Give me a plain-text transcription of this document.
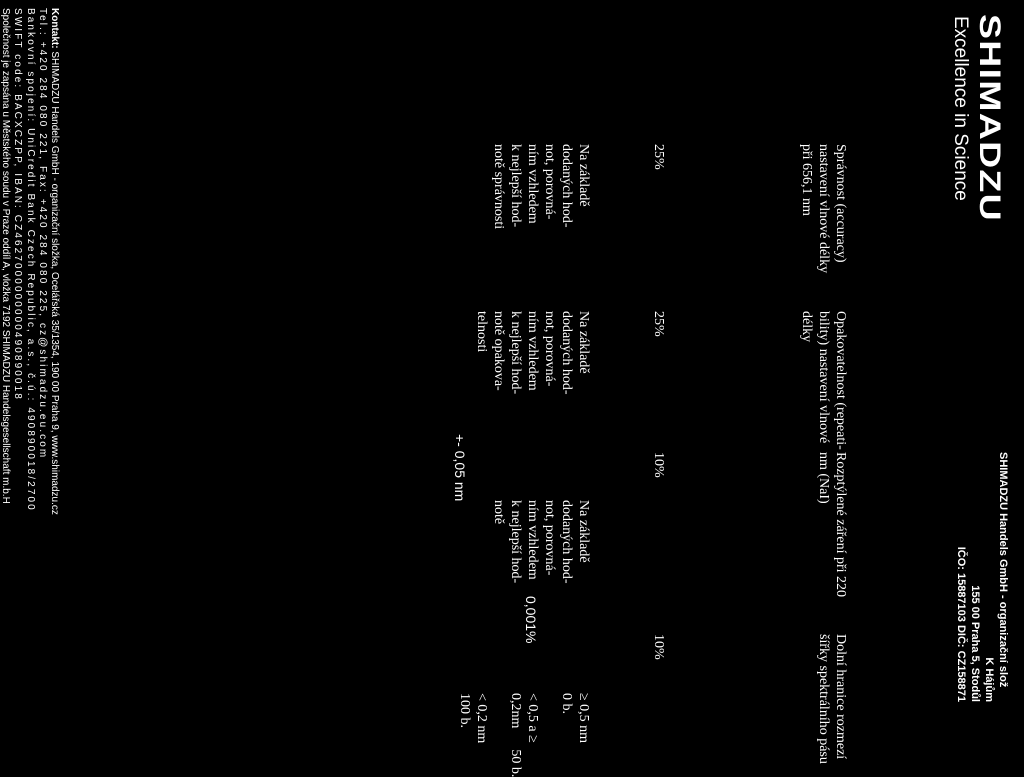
SHIMADZU
Excellence in Science
SHIMADZU Handels GmbH - organizační slož
K Hájům
155 00 Praha 5, Stodůl
IČO: 15887103 DIČ: CZ158871
Správnost (accuracy)
nastavení vlnové délky
při 656,1 nm
25%
Na základě
dodaných hod-
not, porovná-
ním vzhledem
k nejlepší hod-
notě správnosti
Opakovatelnost (repeati-
bility) nastavení vlnové
délky
25%
Na základě
dodaných hod-
not, porovná-
ním vzhledem
k nejlepší hod-
notě opakova-
telnosti
+- 0,05 nm	Rozptýlené záření při 220
nm (NaI)
10%
Na základě
dodaných hod-
not, porovná-
ním vzhledem
k nejlepší hod-
notě
0,001%
Dolní hranice rozmezí
šířky spektrálního pásu
10%
≥ 0,5 nm
0 b.

< 0,5 a ≥
0,2nm      50 b.

< 0,2 nm
100 b.
Kontakt: SHIMADZU Handels GmbH - organizační složka, Ocelářská 35/1354, 190 00 Praha 9, www.shimadzu.cz
Tel.: +420 284 080 221, Fax: +420 284 080 225, cz@shimadzu.eu.com
Bankovní spojení: UniCredit Bank Czech Republic, a.s., č.ú.: 490890018/2700
SWIFT code: BACXCZPP, IBAN: CZ4627000000000490890018
Společnost je zapsána u Městského soudu v Praze oddíl A, vložka 7192 SHIMADZU Handelsgesellschaft m.b.H
